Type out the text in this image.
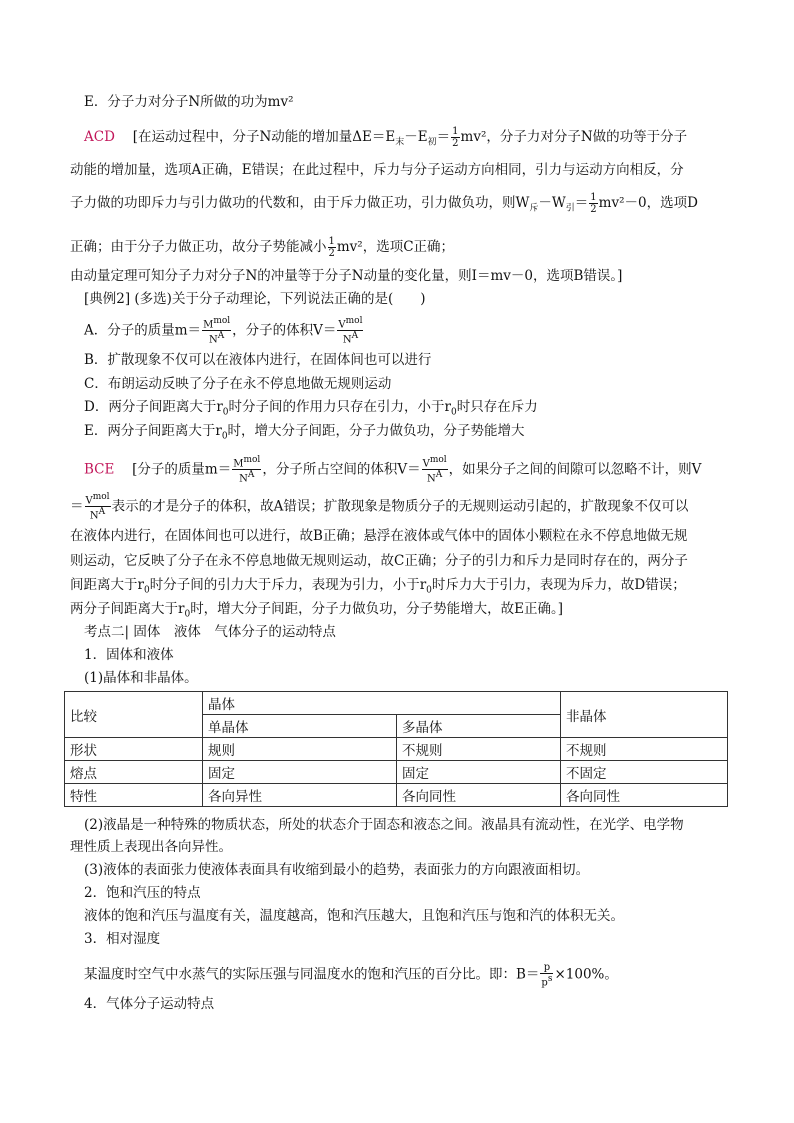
E．分子力对分子N所做的功为mv²
ACD　 [在运动过程中，分子N动能的增加量$\Delta E=E_末-E_初= \frac{1}{2} mv^2$，分子力对分子N做的功等于分子
动能的增加量，选项A正确，E错误；在此过程中，斥力与分子运动方向相同，引力与运动方向相反，分
子力做的功即斥力与引力做功的代数和，由于斥力做正功，引力做负功，则$W_斥-W_引= \frac{1}{2} mv^2-0$，选项D
正确；由于分子力做正功，故分子势能减小 $\frac{1}{2} mv^2$，选项C正确；
由动量定理可知分子力对分子N的冲量等于分子N动量的变化量，则I＝mv－0，选项B错误。]
[典例2] (多选)关于分子动理论，下列说法正确的是(　　)
A．分子的质量$m= \frac{M^{mol}}{N^A}$ ，分子的体积$V= \frac{V^{mol}}{N^A}$
B．扩散现象不仅可以在液体内进行，在固体间也可以进行
C．布朗运动反映了分子在永不停息地做无规则运动
D．两分子间距离大于$r_0$时分子间的作用力只存在引力，小于$r_0$时只存在斥力
E．两分子间距离大于$r_0$时，增大分子间距，分子力做负功，分子势能增大
BCE　 [分子的质量$m= \frac{M^{mol}}{N^A}$ ，分子所占空间的体积$V= \frac{V^{mol}}{N^A}$ ，如果分子之间的间隙可以忽略不计，则V
＝ $\frac{V^{mol}}{N^A}$ 表示的才是分子的体积，故A错误；扩散现象是物质分子的无规则运动引起的，扩散现象不仅可以
在液体内进行，在固体间也可以进行，故B正确；悬浮在液体或气体中的固体小颗粒在永不停息地做无规
则运动，它反映了分子在永不停息地做无规则运动，故C正确；分子的引力和斥力是同时存在的，两分子
间距离大于$r_0$时分子间的引力大于斥力，表现为引力，小于$r_0$时斥力大于引力，表现为斥力，故D错误；
两分子间距离大于$r_0$时，增大分子间距，分子力做负功，分子势能增大，故E正确。]
考点二| 固体　液体　气体分子的运动特点
1．固体和液体
(1)晶体和非晶体。
比较	晶体		非晶体
	单晶体	多晶体	
形状	规则	不规则	不规则
熔点	固定	固定	不固定
特性	各向异性	各向同性	各向同性
(2)液晶是一种特殊的物质状态，所处的状态介于固态和液态之间。液晶具有流动性，在光学、电学物
理性质上表现出各向异性。
(3)液体的表面张力使液体表面具有收缩到最小的趋势，表面张力的方向跟液面相切。
2．饱和汽压的特点
液体的饱和汽压与温度有关，温度越高，饱和汽压越大，且饱和汽压与饱和汽的体积无关。
3．相对湿度
某温度时空气中水蒸气的实际压强与同温度水的饱和汽压的百分比。即：$B= \frac{p}{p^s} \times 100\%$。
4．气体分子运动特点
